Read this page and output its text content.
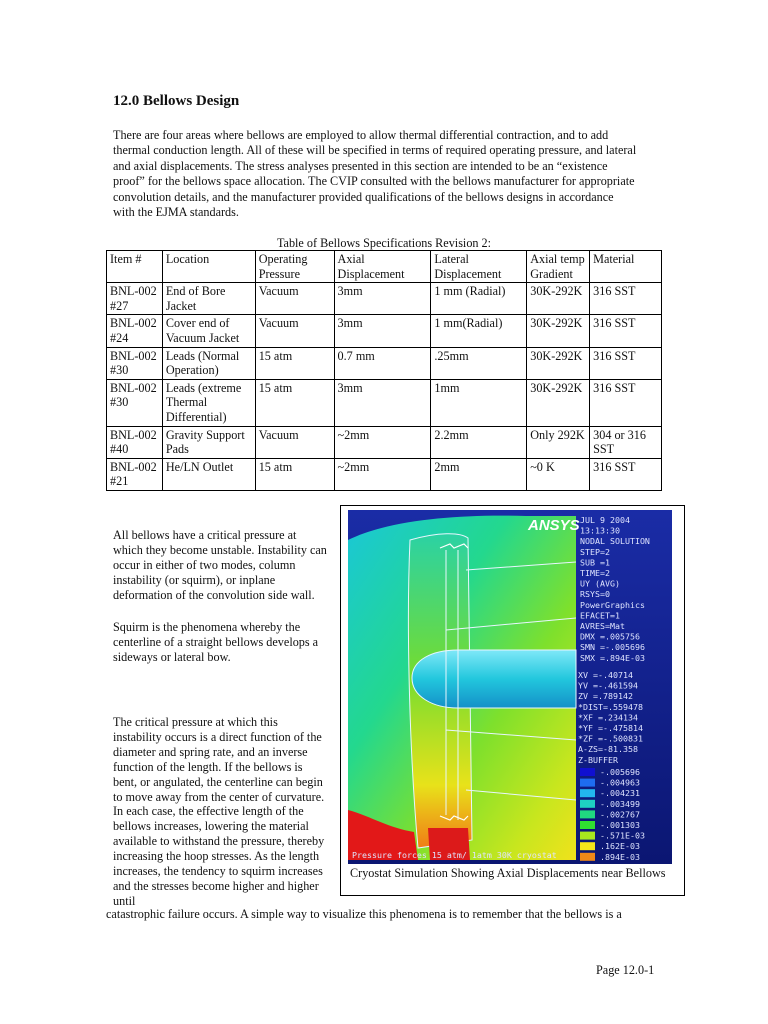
12.0 Bellows Design
There are four areas where bellows are employed to allow thermal differential contraction, and to add thermal conduction length. All of these will be specified in terms of required operating pressure, and lateral and axial displacements. The stress analyses presented in this section are intended to be an “existence proof” for the bellows space allocation. The CVIP consulted with the bellows manufacturer for appropriate convolution details, and the manufacturer provided qualifications of the bellows designs in accordance with the EJMA standards.
Table of Bellows Specifications Revision 2:
Item #	Location	Operating Pressure	Axial Displacement	Lateral Displacement	Axial temp Gradient	Material
BNL-002 #27	End of Bore Jacket	Vacuum	3mm	1 mm (Radial)	30K-292K	316 SST
BNL-002 #24	Cover end of Vacuum Jacket	Vacuum	3mm	1 mm(Radial)	30K-292K	316 SST
BNL-002 #30	Leads (Normal Operation)	15 atm	0.7 mm	.25mm	30K-292K	316 SST
BNL-002 #30	Leads (extreme Thermal Differential)	15 atm	3mm	1mm	30K-292K	316 SST
BNL-002 #40	Gravity Support Pads	Vacuum	~2mm	2.2mm	Only 292K	304 or 316 SST
BNL-002 #21	He/LN Outlet	15 atm	~2mm	2mm	~0 K	316 SST
All bellows have a critical pressure at which they become unstable. Instability can occur in either of two modes, column instability (or squirm), or inplane deformation of the convolution side wall.
Squirm is the phenomena whereby the centerline of a straight bellows develops a sideways or lateral bow.
The critical pressure at which this instability occurs is a direct function of the diameter and spring rate, and an inverse function of the length. If the bellows is bent, or angulated, the centerline can begin to move away from the center of curvature. In each case, the effective length of the bellows increases, lowering the material available to withstand the pressure, thereby increasing the hoop stresses. As the length increases, the tendency to squirm increases and the stresses become higher and higher until
ANSYS JUL 9 2004
13:13:30
NODAL SOLUTION
STEP=2
SUB =1
TIME=2
UY (AVG)
RSYS=0
PowerGraphics
EFACET=1
AVRES=Mat
DMX =.005756
SMN =-.005696
SMX =.894E-03
XV =-.40714
YV =-.461594
ZV =.789142
*DIST=.559478
*XF =.234134
*YF =-.475814
*ZF =-.500831
A-ZS=-81.358
Z-BUFFER
-.005696
-.004963
-.004231
-.003499
-.002767
-.001303
-.571E-03
.162E-03
.894E-03
Pressure forces 15 atm/ 1atm 30K cryostat
Cryostat Simulation Showing Axial Displacements near Bellows
catastrophic failure occurs. A simple way to visualize this phenomena is to remember that the bellows is a
Page 12.0-1
